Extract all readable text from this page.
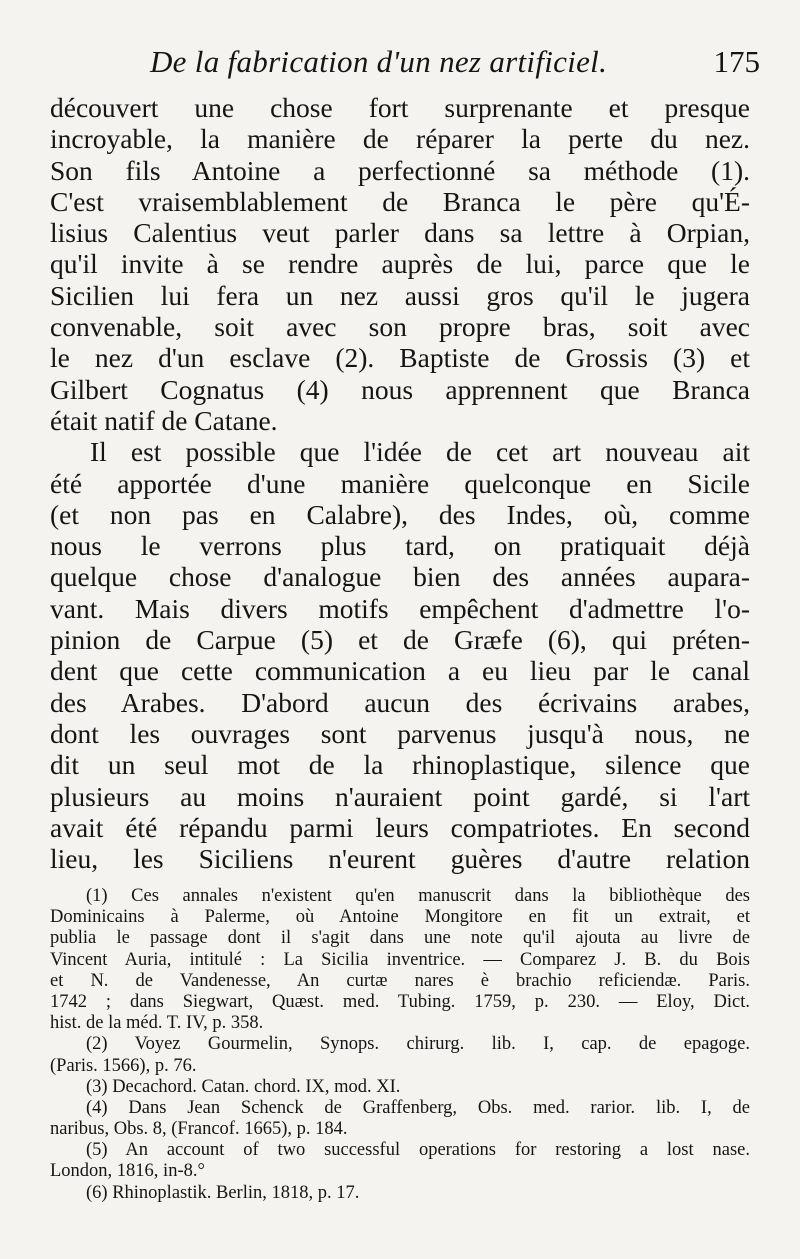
De la fabrication d'un nez artificiel.	175
découvert une chose fort surprenante et presque
incroyable, la manière de réparer la perte du nez.
Son fils Antoine a perfectionné sa méthode (1).
C'est vraisemblablement de Branca le père qu'É-
lisius Calentius veut parler dans sa lettre à Orpian,
qu'il invite à se rendre auprès de lui, parce que le
Sicilien lui fera un nez aussi gros qu'il le jugera
convenable, soit avec son propre bras, soit avec
le nez d'un esclave (2). Baptiste de Grossis (3) et
Gilbert Cognatus (4) nous apprennent que Branca
était natif de Catane.
Il est possible que l'idée de cet art nouveau ait
été apportée d'une manière quelconque en Sicile
(et non pas en Calabre), des Indes, où, comme
nous le verrons plus tard, on pratiquait déjà
quelque chose d'analogue bien des années aupara-
vant. Mais divers motifs empêchent d'admettre l'o-
pinion de Carpue (5) et de Græfe (6), qui préten-
dent que cette communication a eu lieu par le canal
des Arabes. D'abord aucun des écrivains arabes,
dont les ouvrages sont parvenus jusqu'à nous, ne
dit un seul mot de la rhinoplastique, silence que
plusieurs au moins n'auraient point gardé, si l'art
avait été répandu parmi leurs compatriotes. En second
lieu, les Siciliens n'eurent guères d'autre relation
(1) Ces annales n'existent qu'en manuscrit dans la bibliothèque des
Dominicains à Palerme, où Antoine Mongitore en fit un extrait, et
publia le passage dont il s'agit dans une note qu'il ajouta au livre de
Vincent Auria, intitulé : La Sicilia inventrice. — Comparez J. B. du Bois
et N. de Vandenesse, An curtæ nares è brachio reficiendæ. Paris.
1742 ; dans Siegwart, Quæst. med. Tubing. 1759, p. 230. — Eloy, Dict.
hist. de la méd. T. IV, p. 358.
(2) Voyez Gourmelin, Synops. chirurg. lib. I, cap. de epagoge.
(Paris. 1566), p. 76.
(3) Decachord. Catan. chord. IX, mod. XI.
(4) Dans Jean Schenck de Graffenberg, Obs. med. rarior. lib. I, de
naribus, Obs. 8, (Francof. 1665), p. 184.
(5) An account of two successful operations for restoring a lost nase.
London, 1816, in-8.°
(6) Rhinoplastik. Berlin, 1818, p. 17.
